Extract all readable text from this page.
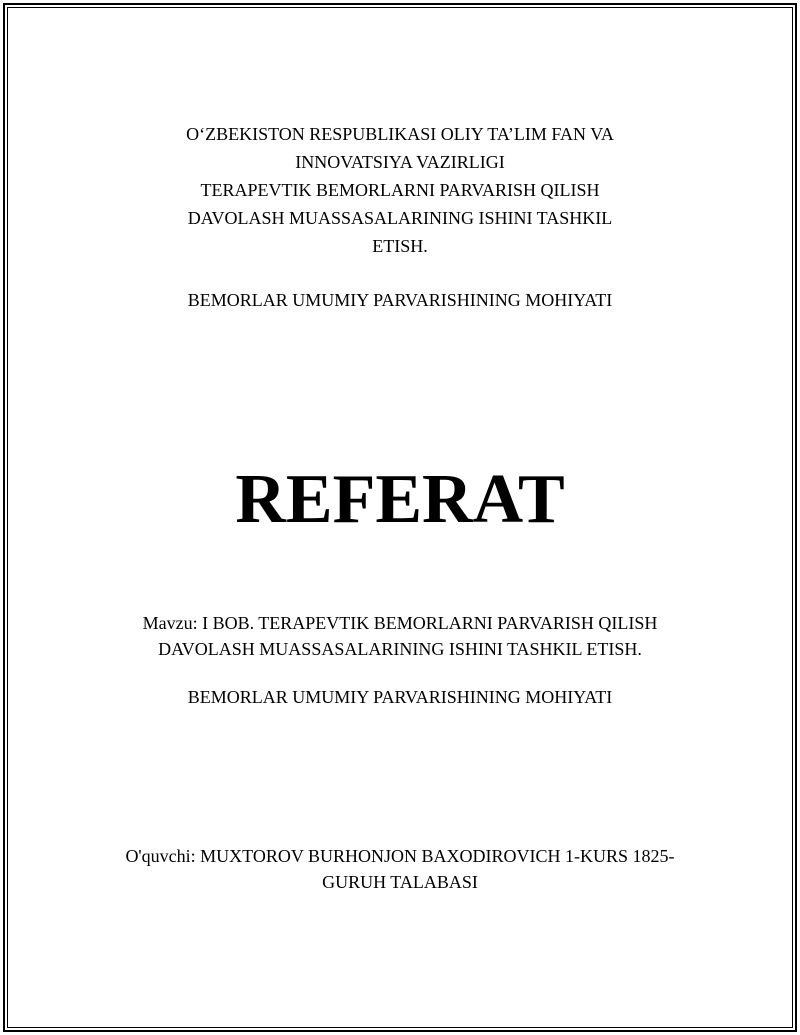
O‘ZBEKISTON RESPUBLIKASI OLIY TA’LIM FAN VA
INNOVATSIYA VAZIRLIGI
TERAPEVTIK BEMORLARNI PARVARISH QILISH
DAVOLASH MUASSASALARINING ISHINI TASHKIL
ETISH.
BEMORLAR UMUMIY PARVARISHINING MOHIYATI
REFERAT
Mavzu: I BOB. TERAPEVTIK BEMORLARNI PARVARISH QILISH
DAVOLASH MUASSASALARINING ISHINI TASHKIL ETISH.
BEMORLAR UMUMIY PARVARISHINING MOHIYATI
O'quvchi: MUXTOROV BURHONJON BAXODIROVICH 1-KURS 1825-
GURUH TALABASI
